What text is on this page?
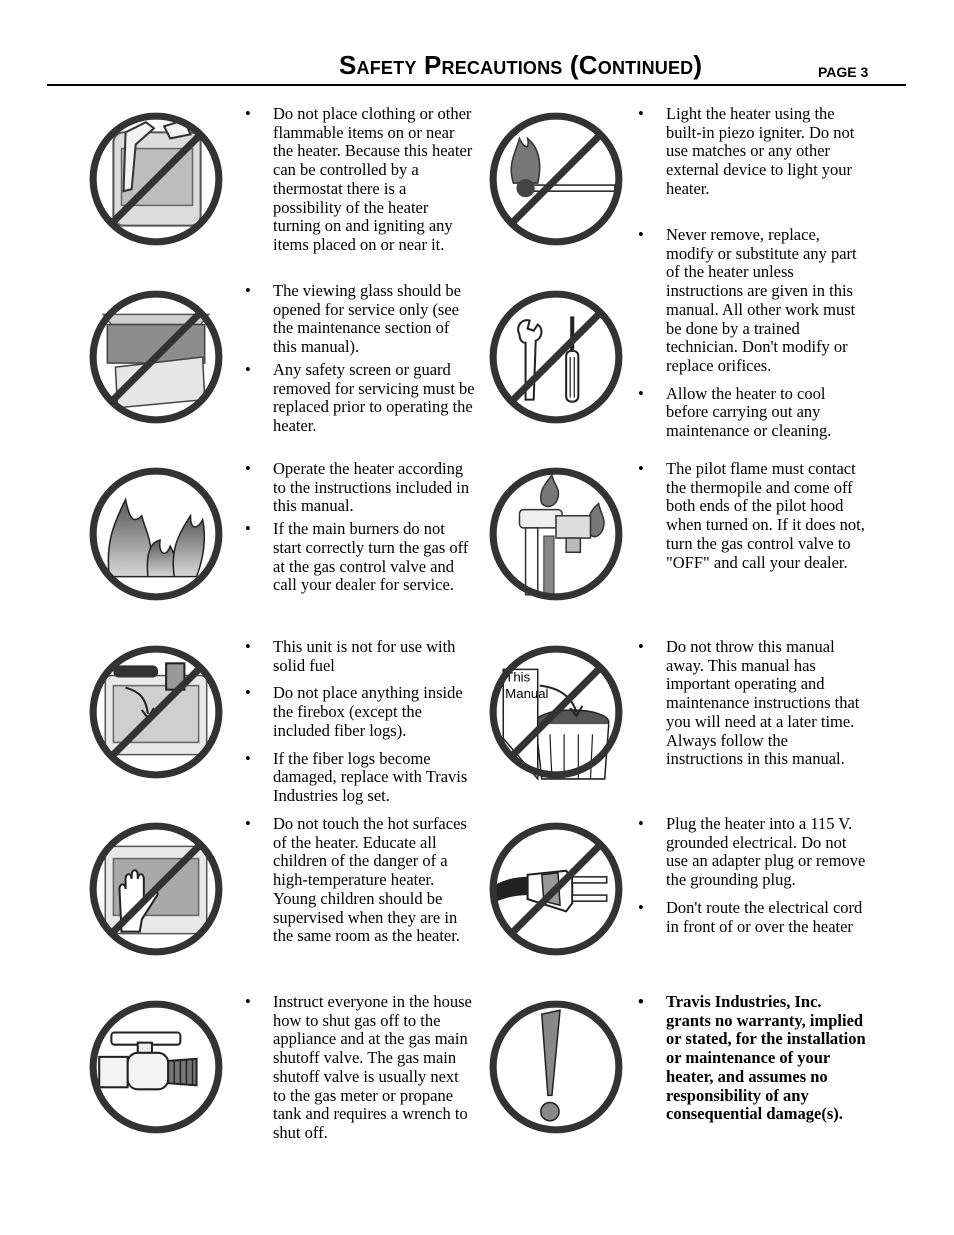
Safety Precautions (Continued)	PAGE 3
• Do not place clothing or other flammable items on or near the heater. Because this heater can be controlled by a thermostat there is a possibility of the heater turning on and igniting any items placed on or near it.
• The viewing glass should be opened for service only (see the maintenance section of this manual).
• Any safety screen or guard removed for servicing must be replaced prior to operating the heater.
• Operate the heater according to the instructions included in this manual.
• If the main burners do not start correctly turn the gas off at the gas control valve and call your dealer for service.
• This unit is not for use with solid fuel
• Do not place anything inside the firebox (except the included fiber logs).
• If the fiber logs become damaged, replace with Travis Industries log set.
• Do not touch the hot surfaces of the heater. Educate all children of the danger of a high-temperature heater. Young children should be supervised when they are in the same room as the heater.
• Instruct everyone in the house how to shut gas off to the appliance and at the gas main shutoff valve. The gas main shutoff valve is usually next to the gas meter or propane tank and requires a wrench to shut off.
• Light the heater using the built-in piezo igniter. Do not use matches or any other external device to light your heater.
• Never remove, replace, modify or substitute any part of the heater unless instructions are given in this manual. All other work must be done by a trained technician. Don't modify or replace orifices.
• Allow the heater to cool before carrying out any maintenance or cleaning.
• The pilot flame must contact the thermopile and come off both ends of the pilot hood when turned on. If it does not, turn the gas control valve to "OFF" and call your dealer.
This
Manual
• Do not throw this manual away. This manual has important operating and maintenance instructions that you will need at a later time. Always follow the instructions in this manual.
• Plug the heater into a 115 V. grounded electrical. Do not use an adapter plug or remove the grounding plug.
• Don't route the electrical cord in front of or over the heater
• Travis Industries, Inc. grants no warranty, implied or stated, for the installation or maintenance of your heater, and assumes no responsibility of any consequential damage(s).
